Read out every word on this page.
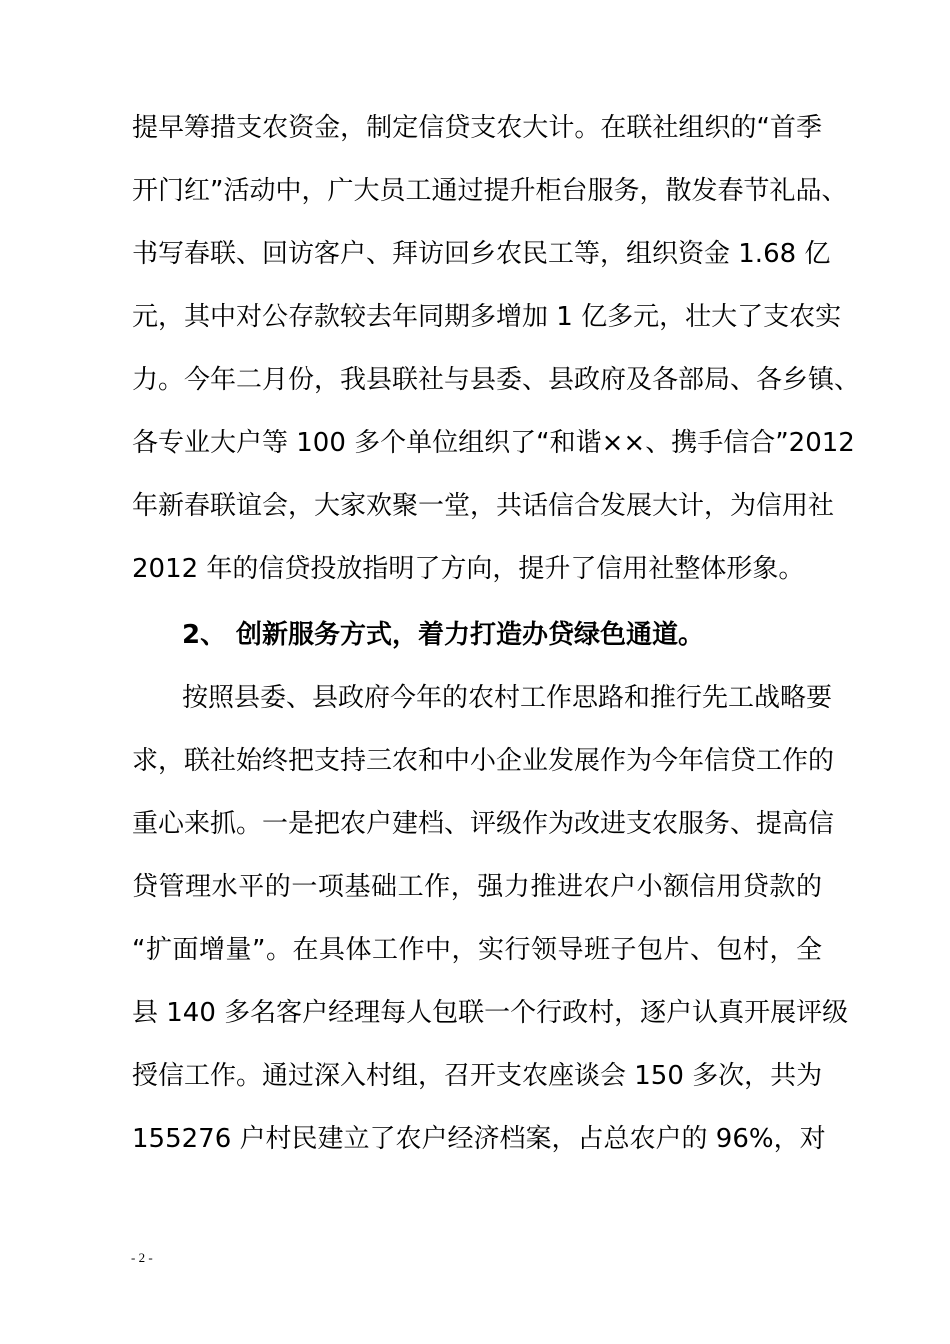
提早筹措支农资金，制定信贷支农大计。在联社组织的“首季
开门红”活动中，广大员工通过提升柜台服务，散发春节礼品、
书写春联、回访客户、拜访回乡农民工等，组织资金 1.68 亿
元，其中对公存款较去年同期多增加 1 亿多元，壮大了支农实
力。今年二月份，我县联社与县委、县政府及各部局、各乡镇、
各专业大户等 100 多个单位组织了“和谐××、携手信合”2012
年新春联谊会，大家欢聚一堂，共话信合发展大计，为信用社
2012 年的信贷投放指明了方向，提升了信用社整体形象。
2、 创新服务方式，着力打造办贷绿色通道。
按照县委、县政府今年的农村工作思路和推行先工战略要
求，联社始终把支持三农和中小企业发展作为今年信贷工作的
重心来抓。一是把农户建档、评级作为改进支农服务、提高信
贷管理水平的一项基础工作，强力推进农户小额信用贷款的
“扩面增量”。在具体工作中，实行领导班子包片、包村，全
县 140 多名客户经理每人包联一个行政村，逐户认真开展评级
授信工作。通过深入村组，召开支农座谈会 150 多次，共为
155276 户村民建立了农户经济档案，占总农户的 96%，对
- 2 -
